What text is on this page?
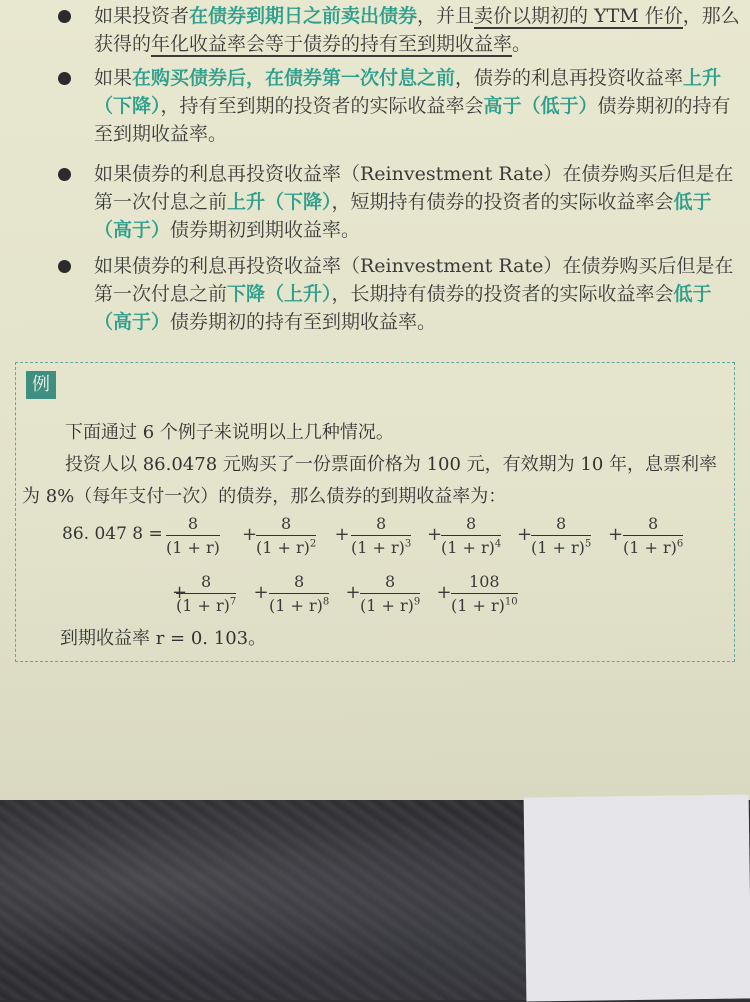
如果投资者在债券到期日之前卖出债券，并且卖价以期初的 YTM 作价，那么获得的年化收益率会等于债券的持有至到期收益率。
如果在购买债券后，在债券第一次付息之前，债券的利息再投资收益率上升（下降），持有至到期的投资者的实际收益率会高于（低于）债券期初的持有至到期收益率。
如果债券的利息再投资收益率（Reinvestment Rate）在债券购买后但是在第一次付息之前上升（下降），短期持有债券的投资者的实际收益率会低于（高于）债券期初到期收益率。
如果债券的利息再投资收益率（Reinvestment Rate）在债券购买后但是在第一次付息之前下降（上升），长期持有债券的投资者的实际收益率会低于（高于）债券期初的持有至到期收益率。
例
下面通过 6 个例子来说明以上几种情况。
投资人以 86.0478 元购买了一份票面价格为 100 元，有效期为 10 年，息票利率
为 8%（每年支付一次）的债券，那么债券的到期收益率为：
86. 047 $8 = \frac{8}{(1 + r)}$ +
$\frac{8}{(1 + r)^2} + \frac{8}{(1 + r)^3}$ +
$\frac{8}{(1 + r)^4}$ +
$\frac{8}{(1 + r)^5} + \frac{8}{(1 + r)^6}$
+
$\frac{8}{(1 + r)^7} + \frac{8}{(1 + r)^8} + \frac{8}{(1 + r)^9} + \frac{108}{(1 + r)^{10}}$
到期收益率 r = 0. 103。
